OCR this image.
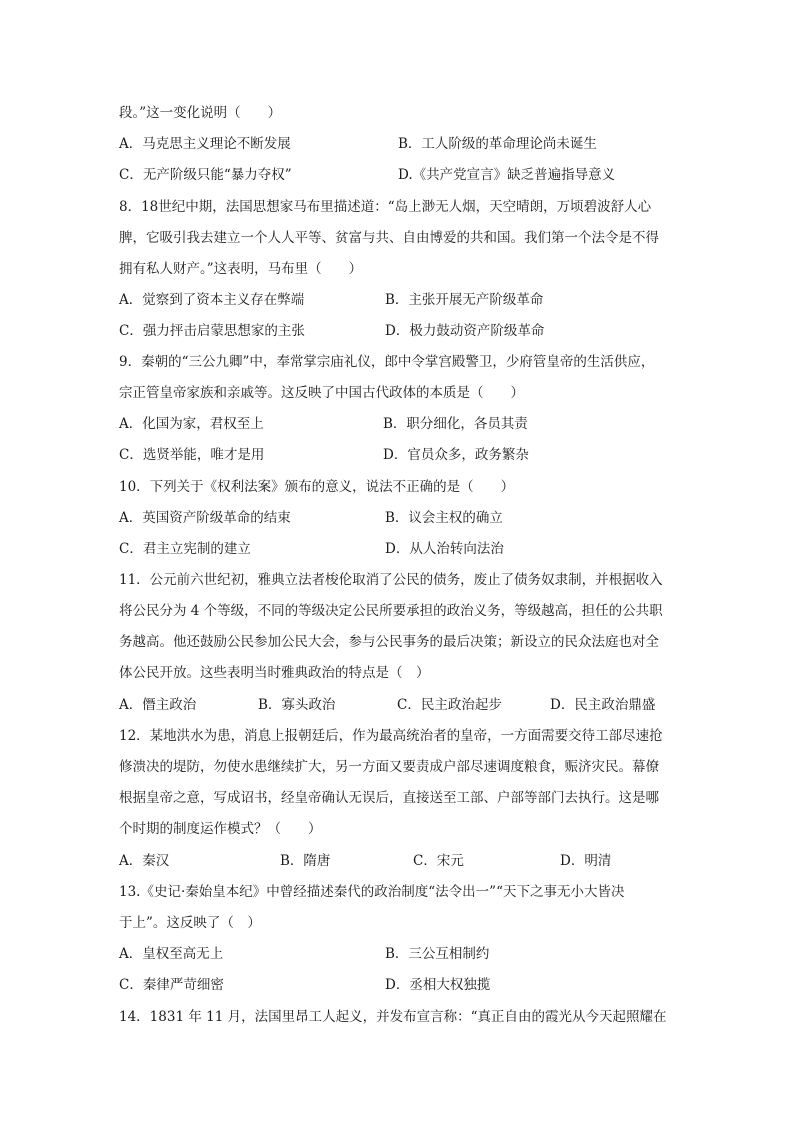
段。”这一变化说明（　　）
A．马克思主义理论不断发展	B．工人阶级的革命理论尚未诞生
C．无产阶级只能“暴力夺权”	D.《共产党宣言》缺乏普遍指导意义
8．18世纪中期，法国思想家马布里描述道：“岛上渺无人烟，天空晴朗，万顷碧波舒人心
脾，它吸引我去建立一个人人平等、贫富与共、自由博爱的共和国。我们第一个法令是不得
拥有私人财产。”这表明，马布里（　　）
A．觉察到了资本主义存在弊端	B．主张开展无产阶级革命
C．强力抨击启蒙思想家的主张	D．极力鼓动资产阶级革命
9．秦朝的“三公九卿”中，奉常掌宗庙礼仪，郎中令掌宫殿警卫，少府管皇帝的生活供应，
宗正管皇帝家族和亲戚等。这反映了中国古代政体的本质是（　　）
A．化国为家，君权至上	B．职分细化，各员其责
C．选贤举能，唯才是用	D．官员众多，政务繁杂
10．下列关于《权利法案》颁布的意义，说法不正确的是（　　）
A．英国资产阶级革命的结束	B．议会主权的确立
C．君主立宪制的建立	D．从人治转向法治
11．公元前六世纪初，雅典立法者梭伦取消了公民的债务，废止了债务奴隶制，并根据收入
将公民分为 4 个等级，不同的等级决定公民所要承担的政治义务，等级越高，担任的公共职
务越高。他还鼓励公民参加公民大会，参与公民事务的最后决策；新设立的民众法庭也对全
体公民开放。这些表明当时雅典政治的特点是（　）
A．僭主政治	B．寡头政治	C．民主政治起步	D．民主政治鼎盛
12．某地洪水为患，消息上报朝廷后，作为最高统治者的皇帝，一方面需要交待工部尽速抢
修溃决的堤防，勿使水患继续扩大，另一方面又要责成户部尽速调度粮食，赈济灾民。幕僚
根据皇帝之意，写成诏书，经皇帝确认无误后，直接送至工部、户部等部门去执行。这是哪
个时期的制度运作模式？（　　）
A．秦汉	B．隋唐	C．宋元	D．明清
13.《史记·秦始皇本纪》中曾经描述秦代的政治制度“法令出一”“天下之事无小大皆决
于上”。这反映了（　）
A．皇权至高无上	B．三公互相制约
C．秦律严苛细密	D．丞相大权独揽
14．1831 年 11 月，法国里昂工人起义，并发布宣言称：“真正自由的霞光从今天起照耀在
